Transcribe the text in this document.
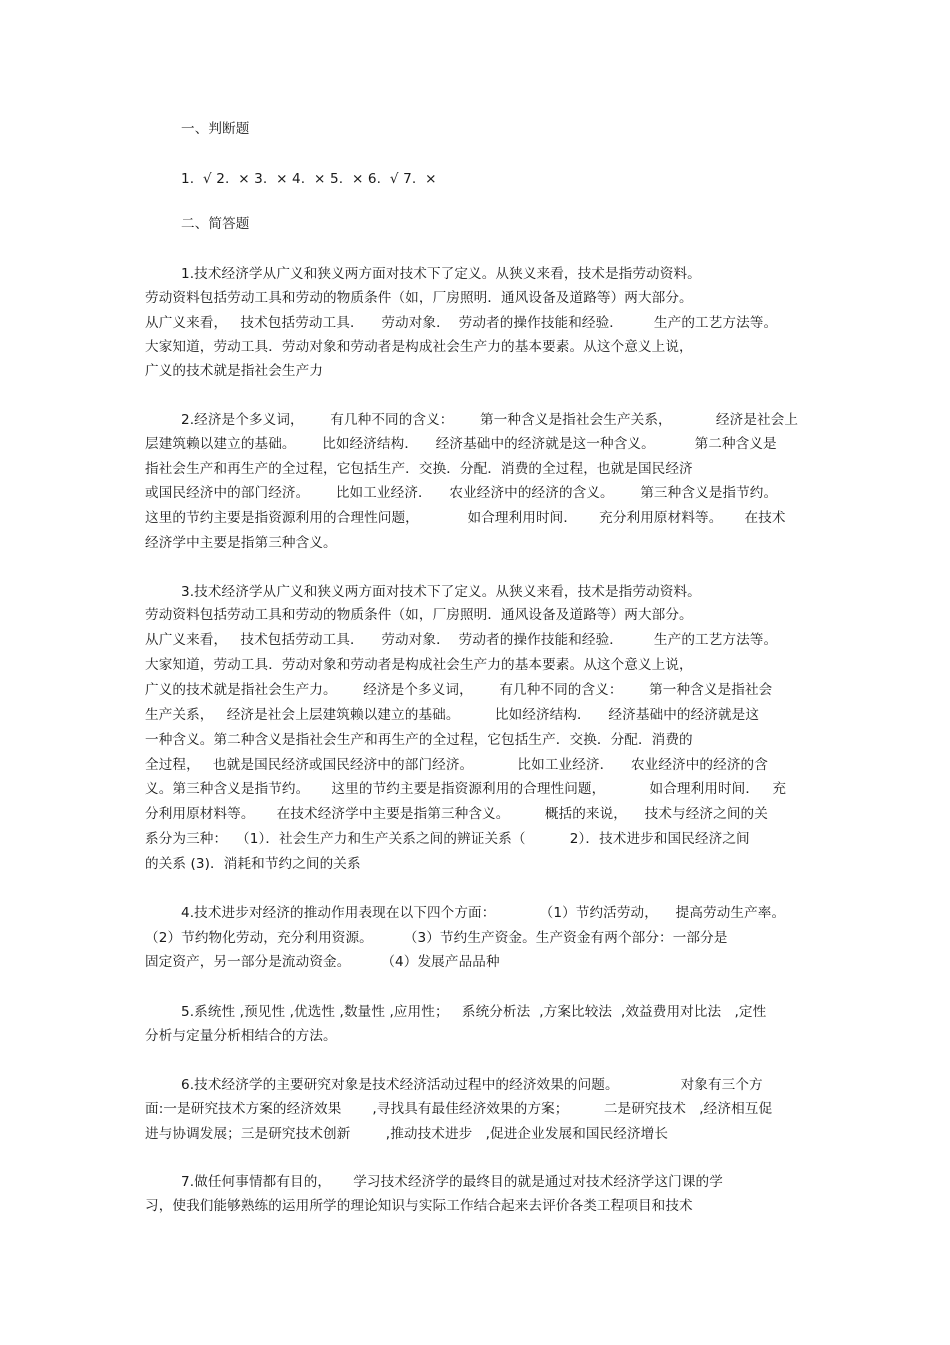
一、判断题
1.  √ 2.  × 3.  × 4.  × 5.  × 6.  √ 7.  ×
二、简答题
1.技术经济学从广义和狭义两方面对技术下了定义。从狭义来看，技术是指劳动资料。
劳动资料包括劳动工具和劳动的物质条件（如，厂房照明．通风设备及道路等）两大部分。
从广义来看，   技术包括劳动工具．    劳动对象．  劳动者的操作技能和经验．       生产的工艺方法等。
大家知道，劳动工具．劳动对象和劳动者是构成社会生产力的基本要素。从这个意义上说，
广义的技术就是指社会生产力
2.经济是个多义词，      有几种不同的含义：      第一种含义是指社会生产关系，          经济是社会上
层建筑赖以建立的基础。      比如经济结构．    经济基础中的经济就是这一种含义。         第二种含义是
指社会生产和再生产的全过程，它包括生产．交换．分配．消费的全过程，也就是国民经济
或国民经济中的部门经济。      比如工业经济．    农业经济中的经济的含义。      第三种含义是指节约。
这里的节约主要是指资源利用的合理性问题，           如合理利用时间．     充分利用原材料等。     在技术
经济学中主要是指第三种含义。
3.技术经济学从广义和狭义两方面对技术下了定义。从狭义来看，技术是指劳动资料。
劳动资料包括劳动工具和劳动的物质条件（如，厂房照明．通风设备及道路等）两大部分。
从广义来看，   技术包括劳动工具．    劳动对象．  劳动者的操作技能和经验．       生产的工艺方法等。
大家知道，劳动工具．劳动对象和劳动者是构成社会生产力的基本要素。从这个意义上说，
广义的技术就是指社会生产力。      经济是个多义词，      有几种不同的含义：      第一种含义是指社会
生产关系，   经济是社会上层建筑赖以建立的基础。        比如经济结构．    经济基础中的经济就是这
一种含义。第二种含义是指社会生产和再生产的全过程，它包括生产．交换．分配．消费的
全过程，   也就是国民经济或国民经济中的部门经济。          比如工业经济．    农业经济中的经济的含
义。第三种含义是指节约。     这里的节约主要是指资源利用的合理性问题，          如合理利用时间．   充
分利用原材料等。     在技术经济学中主要是指第三种含义。        概括的来说，    技术与经济之间的关
系分为三种：  （1）．社会生产力和生产关系之间的辨证关系（          2）．技术进步和国民经济之间
的关系 (3)．消耗和节约之间的关系
4.技术进步对经济的推动作用表现在以下四个方面：          （1）节约活劳动，    提高劳动生产率。
（2）节约物化劳动，充分利用资源。       （3）节约生产资金。生产资金有两个部分：一部分是
固定资产，另一部分是流动资金。       （4）发展产品品种
5.系统性 ,预见性 ,优选性 ,数量性 ,应用性；   系统分析法  ,方案比较法  ,效益费用对比法   ,定性
分析与定量分析相结合的方法。
6.技术经济学的主要研究对象是技术经济活动过程中的经济效果的问题。              对象有三个方
面:一是研究技术方案的经济效果       ,寻找具有最佳经济效果的方案；        二是研究技术   ,经济相互促
进与协调发展；三是研究技术创新        ,推动技术进步   ,促进企业发展和国民经济增长
7.做任何事情都有目的，     学习技术经济学的最终目的就是通过对技术经济学这门课的学
习，使我们能够熟练的运用所学的理论知识与实际工作结合起来去评价各类工程项目和技术
